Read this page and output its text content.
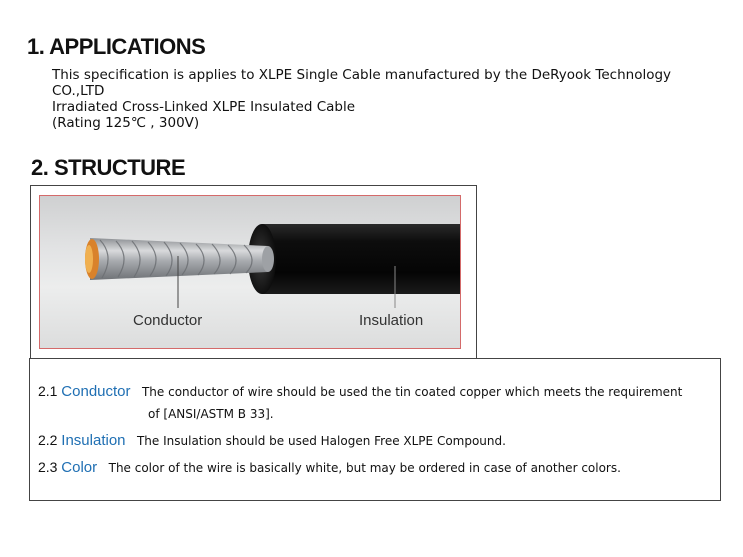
1. APPLICATIONS
This specification is applies to XLPE Single Cable manufactured by the DeRyook Technology
CO.,LTD
Irradiated Cross-Linked XLPE Insulated Cable
(Rating 125℃ , 300V)
2. STRUCTURE
Conductor	Insulation
2.1 Conductor The conductor of wire should be used the tin coated copper which meets the requirement
of [ANSI/ASTM B 33].
2.2 Insulation The Insulation should be used Halogen Free XLPE Compound.
2.3 Color The color of the wire is basically white, but may be ordered in case of another colors.
